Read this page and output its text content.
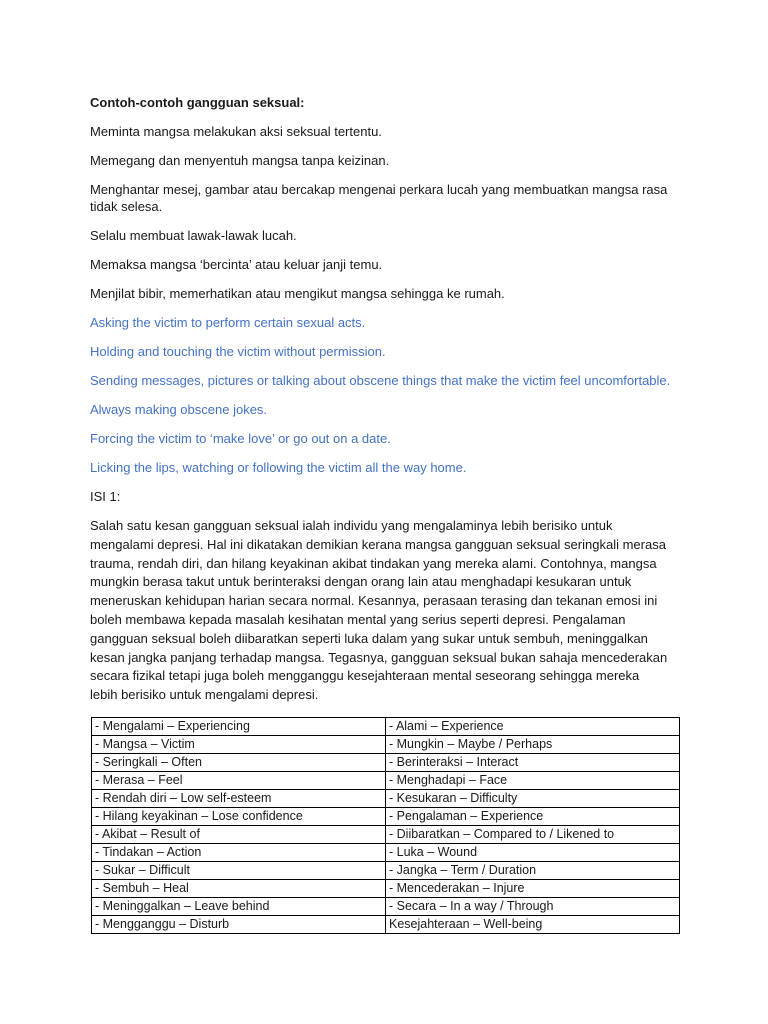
Contoh-contoh gangguan seksual:

Meminta mangsa melakukan aksi seksual tertentu.

Memegang dan menyentuh mangsa tanpa keizinan.

Menghantar mesej, gambar atau bercakap mengenai perkara lucah yang membuatkan mangsa rasa tidak selesa.

Selalu membuat lawak-lawak lucah.

Memaksa mangsa ‘bercinta’ atau keluar janji temu.

Menjilat bibir, memerhatikan atau mengikut mangsa sehingga ke rumah.

Asking the victim to perform certain sexual acts.

Holding and touching the victim without permission.

Sending messages, pictures or talking about obscene things that make the victim feel uncomfortable.

Always making obscene jokes.

Forcing the victim to ‘make love’ or go out on a date.

Licking the lips, watching or following the victim all the way home.

ISI 1:

Salah satu kesan gangguan seksual ialah individu yang mengalaminya lebih berisiko untuk mengalami depresi. Hal ini dikatakan demikian kerana mangsa gangguan seksual seringkali merasa trauma, rendah diri, dan hilang keyakinan akibat tindakan yang mereka alami. Contohnya, mangsa mungkin berasa takut untuk berinteraksi dengan orang lain atau menghadapi kesukaran untuk meneruskan kehidupan harian secara normal. Kesannya, perasaan terasing dan tekanan emosi ini boleh membawa kepada masalah kesihatan mental yang serius seperti depresi. Pengalaman gangguan seksual boleh diibaratkan seperti luka dalam yang sukar untuk sembuh, meninggalkan kesan jangka panjang terhadap mangsa. Tegasnya, gangguan seksual bukan sahaja mencederakan secara fizikal tetapi juga boleh mengganggu kesejahteraan mental seseorang sehingga mereka lebih berisiko untuk mengalami depresi.

- Mengalami – Experiencing	- Alami – Experience
- Mangsa – Victim	- Mungkin – Maybe / Perhaps
- Seringkali – Often	- Berinteraksi – Interact
- Merasa – Feel	- Menghadapi – Face
- Rendah diri – Low self-esteem	- Kesukaran – Difficulty
- Hilang keyakinan – Lose confidence	- Pengalaman – Experience
- Akibat – Result of	- Diibaratkan – Compared to / Likened to
- Tindakan – Action	- Luka – Wound
- Sukar – Difficult	- Jangka – Term / Duration
- Sembuh – Heal	- Mencederakan – Injure
- Meninggalkan – Leave behind	- Secara – In a way / Through
- Mengganggu – Disturb	Kesejahteraan – Well-being
